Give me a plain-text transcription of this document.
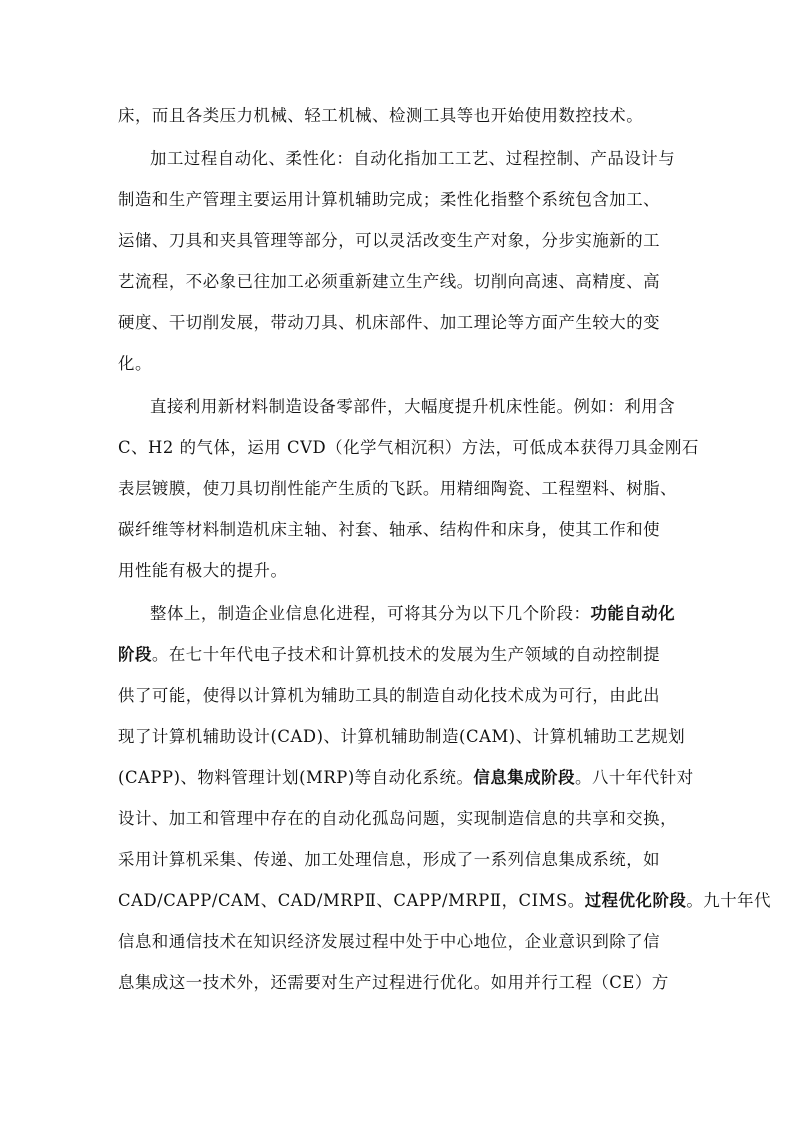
床，而且各类压力机械、轻工机械、检测工具等也开始使用数控技术。
加工过程自动化、柔性化：自动化指加工工艺、过程控制、产品设计与
制造和生产管理主要运用计算机辅助完成；柔性化指整个系统包含加工、
运储、刀具和夹具管理等部分，可以灵活改变生产对象，分步实施新的工
艺流程，不必象已往加工必须重新建立生产线。切削向高速、高精度、高
硬度、干切削发展，带动刀具、机床部件、加工理论等方面产生较大的变
化。
直接利用新材料制造设备零部件，大幅度提升机床性能。例如：利用含
C、H2 的气体，运用 CVD（化学气相沉积）方法，可低成本获得刀具金刚石
表层镀膜，使刀具切削性能产生质的飞跃。用精细陶瓷、工程塑料、树脂、
碳纤维等材料制造机床主轴、衬套、轴承、结构件和床身，使其工作和使
用性能有极大的提升。
整体上，制造企业信息化进程，可将其分为以下几个阶段：功能自动化
阶段。在七十年代电子技术和计算机技术的发展为生产领域的自动控制提
供了可能，使得以计算机为辅助工具的制造自动化技术成为可行，由此出
现了计算机辅助设计(CAD)、计算机辅助制造(CAM)、计算机辅助工艺规划
(CAPP)、物料管理计划(MRP)等自动化系统。信息集成阶段。八十年代针对
设计、加工和管理中存在的自动化孤岛问题，实现制造信息的共享和交换，
采用计算机采集、传递、加工处理信息，形成了一系列信息集成系统，如
CAD/CAPP/CAM、CAD/MRPⅡ、CAPP/MRPⅡ，CIMS。过程优化阶段。九十年代
信息和通信技术在知识经济发展过程中处于中心地位，企业意识到除了信
息集成这一技术外，还需要对生产过程进行优化。如用并行工程（CE）方
